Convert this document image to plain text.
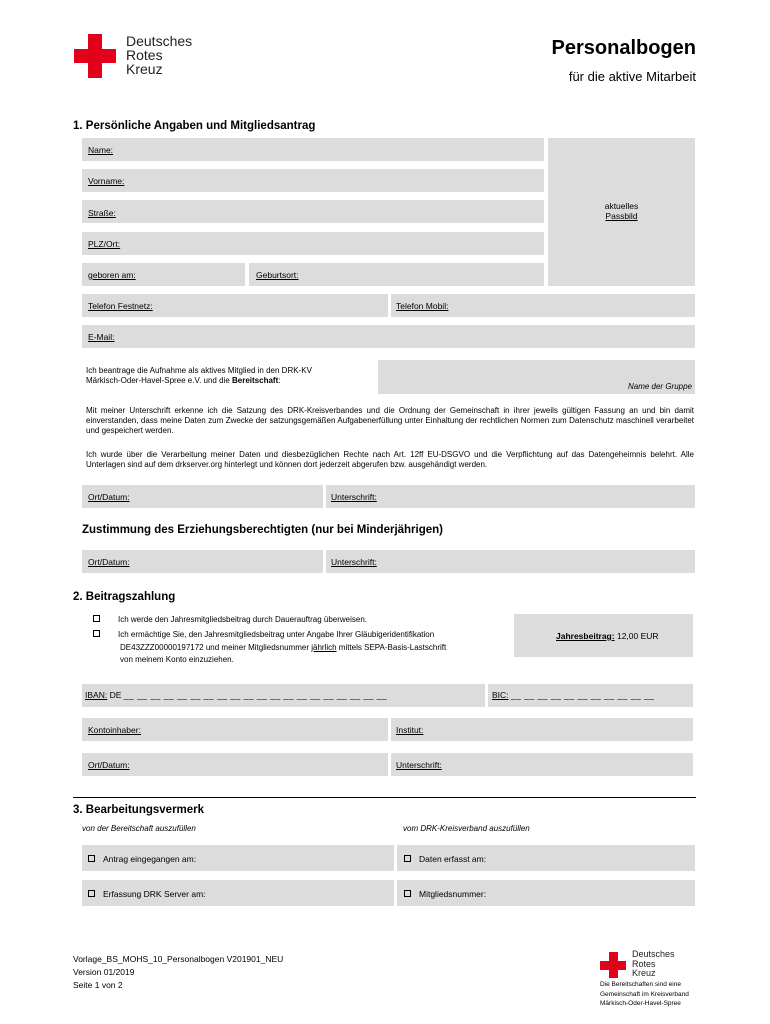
Deutsches
Rotes
Kreuz
Personalbogen
für die aktive Mitarbeit
1. Persönliche Angaben und Mitgliedsantrag
Name:
Vorname:
aktuelles
Passbild
Straße:
PLZ/Ort:
geboren am:	Geburtsort:
Telefon Festnetz:	Telefon Mobil:
E-Mail:
Ich beantrage die Aufnahme als aktives Mitglied in den DRK-KV
Märkisch-Oder-Havel-Spree e.V. und die Bereitschaft:
Name der Gruppe
Mit meiner Unterschrift erkenne ich die Satzung des DRK-Kreisverbandes und die Ordnung der Gemeinschaft in ihrer jeweils gültigen Fassung an und bin damit einverstanden, dass meine Daten zum Zwecke der satzungsgemäßen Aufgabenerfüllung unter Einhaltung der rechtlichen Normen zum Datenschutz maschinell verarbeitet und gespeichert werden.
Ich wurde über die Verarbeitung meiner Daten und diesbezüglichen Rechte nach Art. 12ff EU-DSGVO und die Verpflichtung auf das Datengeheimnis belehrt. Alle Unterlagen sind auf dem drkserver.org hinterlegt und können dort jederzeit abgerufen bzw. ausgehändigt werden.
Ort/Datum:	Unterschrift:
Zustimmung des Erziehungsberechtigten (nur bei Minderjährigen)
Ort/Datum:	Unterschrift:
2. Beitragszahlung
Ich werde den Jahresmitgliedsbeitrag durch Dauerauftrag überweisen.
Ich ermächtige Sie, den Jahresmitgliedsbeitrag unter Angabe Ihrer Gläubigeridentifikation
DE43ZZZ00000197172 und meiner Mitgliedsnummer jährlich mittels SEPA-Basis-Lastschrift
von meinem Konto einzuziehen.
Jahresbeitrag: 12,00 EUR
IBAN: DE __ __ __ __ __ __ __ __ __ __ __ __ __ __ __ __ __ __ __ __	BIC: __ __ __ __ __ __ __ __ __ __ __
Kontoinhaber:	Institut:
Ort/Datum:	Unterschrift:
3. Bearbeitungsvermerk
von der Bereitschaft auszufüllen	vom DRK-Kreisverband auszufüllen
Antrag eingegangen am:	Daten erfasst am:
Erfassung DRK Server am:	Mitgliedsnummer:
Vorlage_BS_MOHS_10_Personalbogen V201901_NEU
Version 01/2019
Seite 1 von 2
Deutsches
Rotes
Kreuz
Die Bereitschaften sind eine
Gemeinschaft im Kreisverband
Märkisch-Oder-Havel-Spree
